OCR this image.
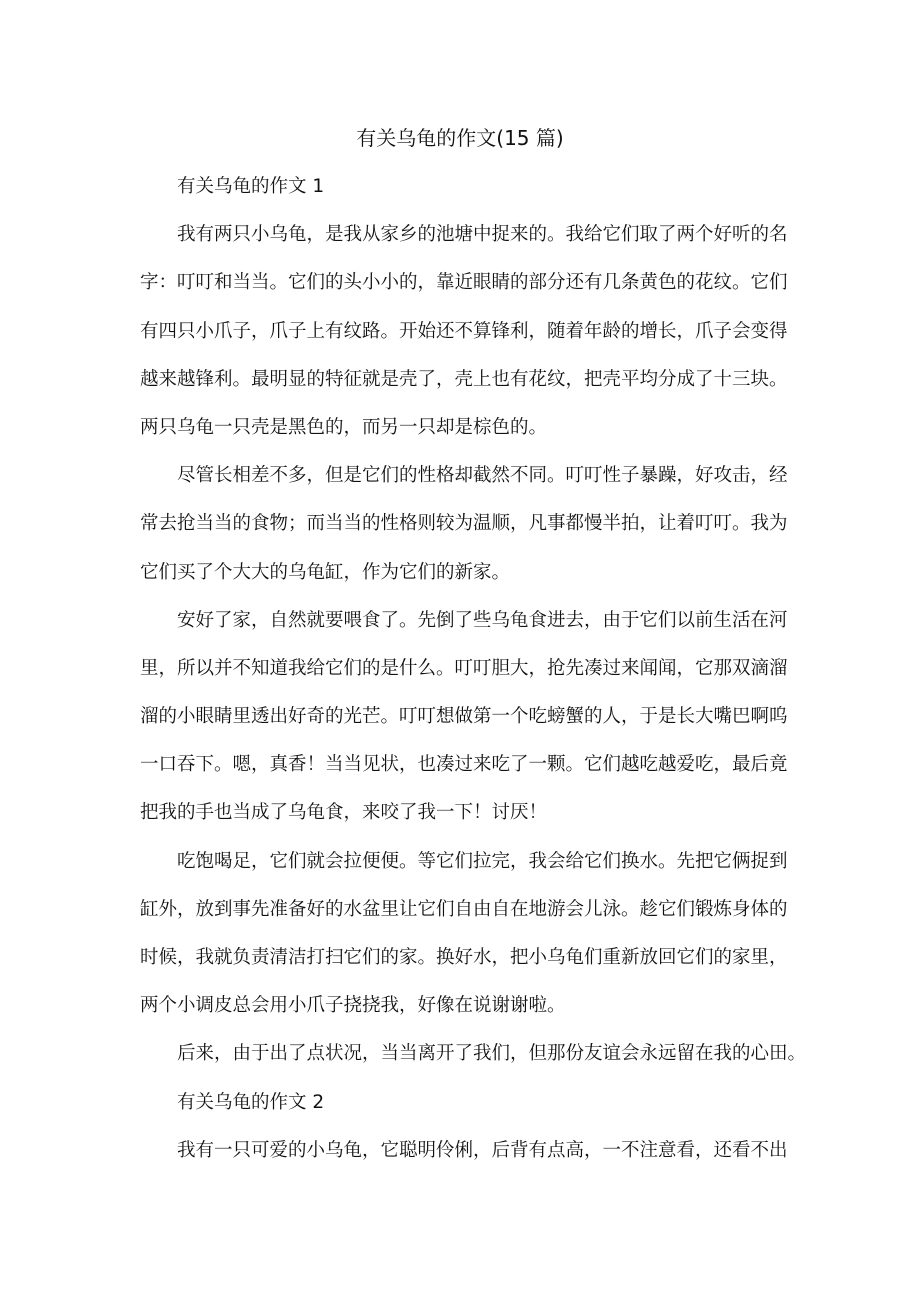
有关乌龟的作文(15 篇)
有关乌龟的作文 1
我有两只小乌龟，是我从家乡的池塘中捉来的。我给它们取了两个好听的名
字：叮叮和当当。它们的头小小的，靠近眼睛的部分还有几条黄色的花纹。它们
有四只小爪子，爪子上有纹路。开始还不算锋利，随着年龄的增长，爪子会变得
越来越锋利。最明显的特征就是壳了，壳上也有花纹，把壳平均分成了十三块。
两只乌龟一只壳是黑色的，而另一只却是棕色的。
尽管长相差不多，但是它们的性格却截然不同。叮叮性子暴躁，好攻击，经
常去抢当当的食物；而当当的性格则较为温顺，凡事都慢半拍，让着叮叮。我为
它们买了个大大的乌龟缸，作为它们的新家。
安好了家，自然就要喂食了。先倒了些乌龟食进去，由于它们以前生活在河
里，所以并不知道我给它们的是什么。叮叮胆大，抢先凑过来闻闻，它那双滴溜
溜的小眼睛里透出好奇的光芒。叮叮想做第一个吃螃蟹的人，于是长大嘴巴啊呜
一口吞下。嗯，真香！当当见状，也凑过来吃了一颗。它们越吃越爱吃，最后竟
把我的手也当成了乌龟食，来咬了我一下！讨厌！
吃饱喝足，它们就会拉便便。等它们拉完，我会给它们换水。先把它俩捉到
缸外，放到事先准备好的水盆里让它们自由自在地游会儿泳。趁它们锻炼身体的
时候，我就负责清洁打扫它们的家。换好水，把小乌龟们重新放回它们的家里，
两个小调皮总会用小爪子挠挠我，好像在说谢谢啦。
后来，由于出了点状况，当当离开了我们，但那份友谊会永远留在我的心田。
有关乌龟的作文 2
我有一只可爱的小乌龟，它聪明伶俐，后背有点高，一不注意看，还看不出
